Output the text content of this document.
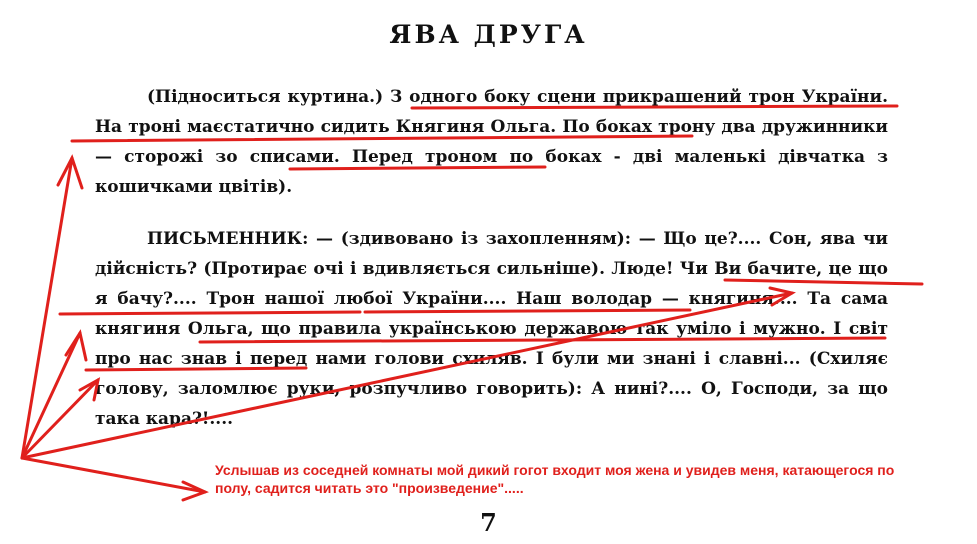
ЯВА ДРУГА

(Підноситься куртина.) З одного боку сцени прикрашений трон України. На троні маєстатично сидить Княгиня Ольга. По боках трону два дружинники — сторожі зо списами. Перед троном по боках - дві маленькі дівчатка з кошичками цвітів).

ПИСЬМЕННИК: — (здивовано із захопленням): — Що це?.... Сон, ява чи дійсність? (Протирає очі і вдивляється сильніше). Люде! Чи Ви бачите, це що я бачу?.... Трон нашої любої України.... Наш володар — княгиня.... Та сама княгиня Ольга, що правила українською державою так уміло і мужно. І світ про нас знав і перед нами голови схиляв. І були ми знані і славні... (Схиляє голову, заломлює руки, розпучливо говорить): А нині?.... О, Господи, за що така кара?!....

Услышав из соседней комнаты мой дикий гогот входит моя жена и увидев меня, катающегося по полу, садится читать это "произведение".....
7
